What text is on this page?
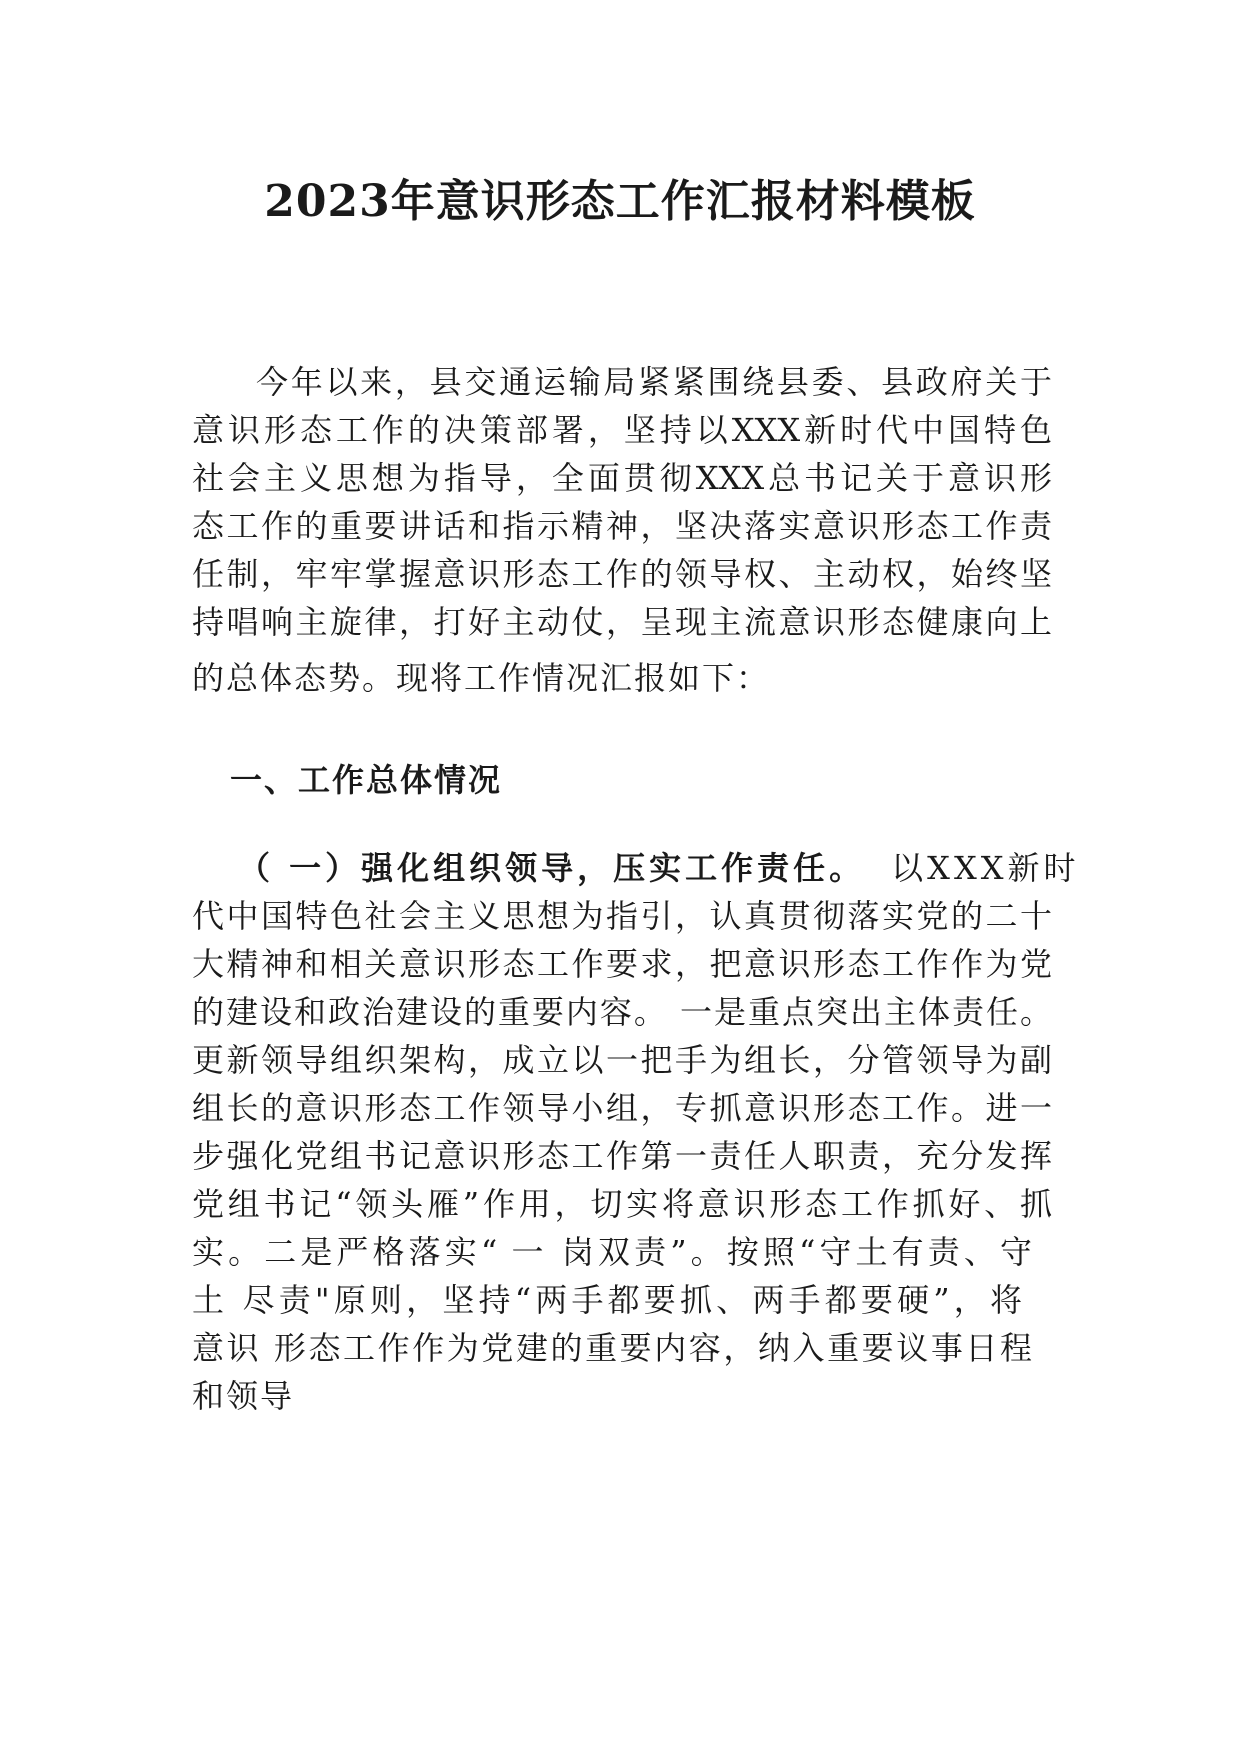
2023年意识形态工作汇报材料模板
今年以来，县交通运输局紧紧围绕县委、县政府关于
意识形态工作的决策部署，坚持以XXX新时代中国特色
社会主义思想为指导，全面贯彻XXX总书记关于意识形
态工作的重要讲话和指示精神，坚决落实意识形态工作责
任制，牢牢掌握意识形态工作的领导权、主动权，始终坚
持唱响主旋律，打好主动仗，呈现主流意识形态健康向上
的总体态势。现将工作情况汇报如下：
一、工作总体情况
（ 一）强化组织领导，压实工作责任。 以XXX新时
代中国特色社会主义思想为指引，认真贯彻落实党的二十
大精神和相关意识形态工作要求，把意识形态工作作为党
的建设和政治建设的重要内容。 一是重点突出主体责任。
更新领导组织架构，成立以一把手为组长，分管领导为副
组长的意识形态工作领导小组，专抓意识形态工作。进一
步强化党组书记意识形态工作第一责任人职责，充分发挥
党组书记“领头雁”作用，切实将意识形态工作抓好、抓
实。二是严格落实“ 一 岗双责”。按照“守土有责、守
土 尽责"原则，坚持“两手都要抓、两手都要硬”，将
意识 形态工作作为党建的重要内容，纳入重要议事日程
和领导
